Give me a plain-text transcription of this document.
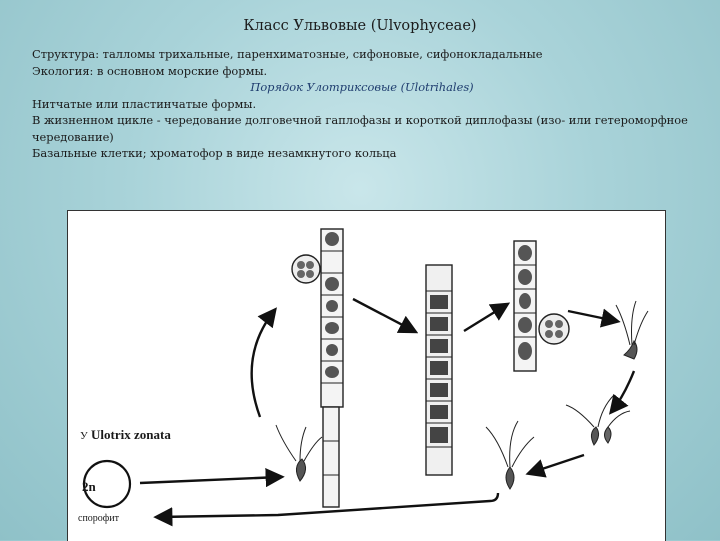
Класс Ульвовые (Ulvophyceae)

Структура: талломы трихальные, паренхиматозные, сифоновые, сифонокладальные

Экология: в основном морские формы.

Порядок Улотриксовые (Ulotrihales)

Нитчатые или пластинчатые формы.

В жизненном цикле - чередование долговечной гаплофазы и короткой диплофазы (изо- или гетероморфное чередование)

Базальные клетки; хроматофор в виде незамкнутого кольца

У Ulotrix zonata
2n
спорофит
